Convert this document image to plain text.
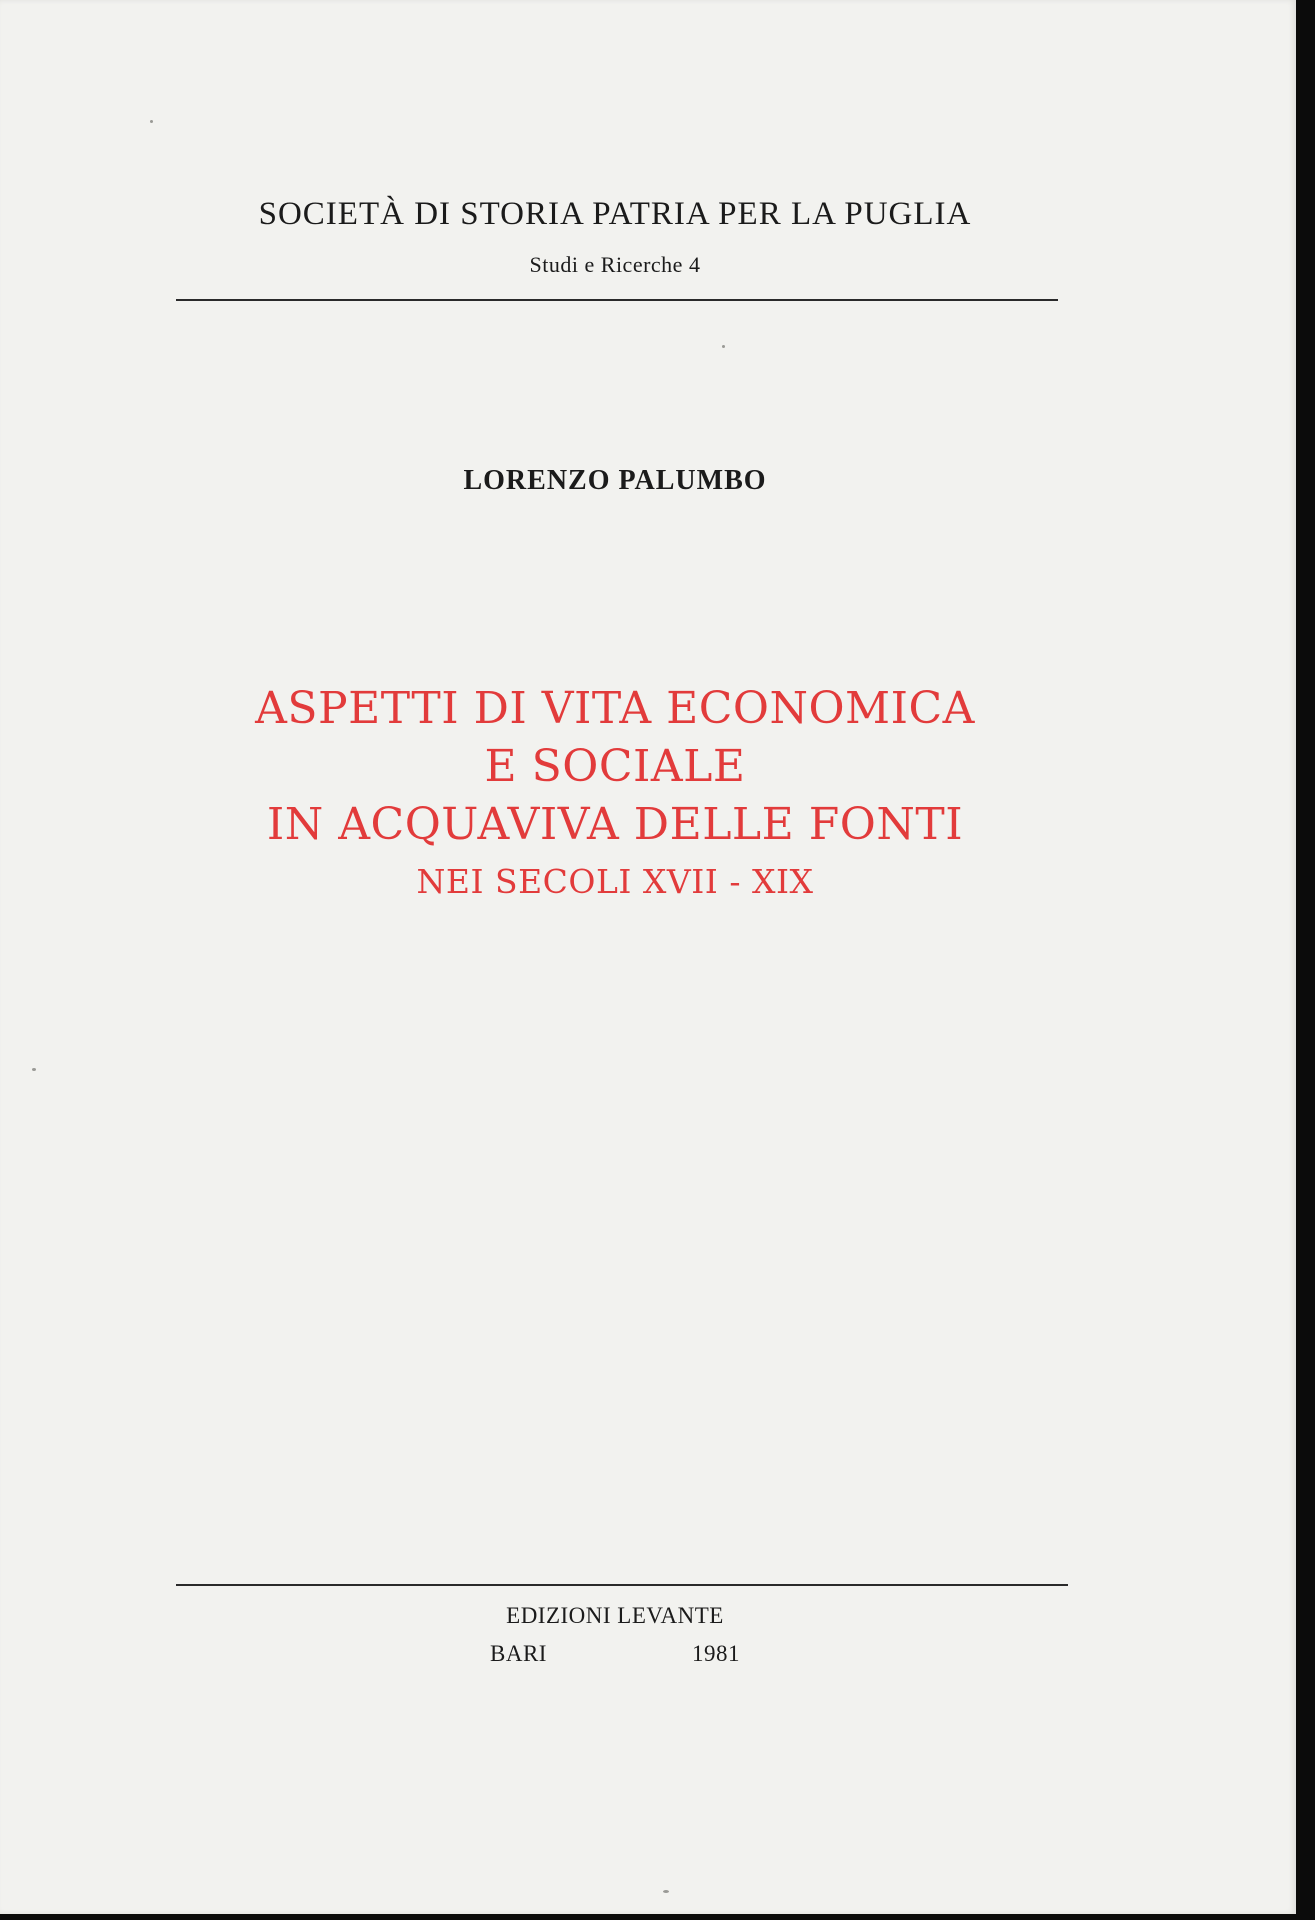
SOCIETÀ DI STORIA PATRIA PER LA PUGLIA
Studi e Ricerche 4
LORENZO PALUMBO
ASPETTI DI VITA ECONOMICA
E SOCIALE
IN ACQUAVIVA DELLE FONTI
NEI SECOLI XVII - XIX
EDIZIONI LEVANTE
BARI	1981
